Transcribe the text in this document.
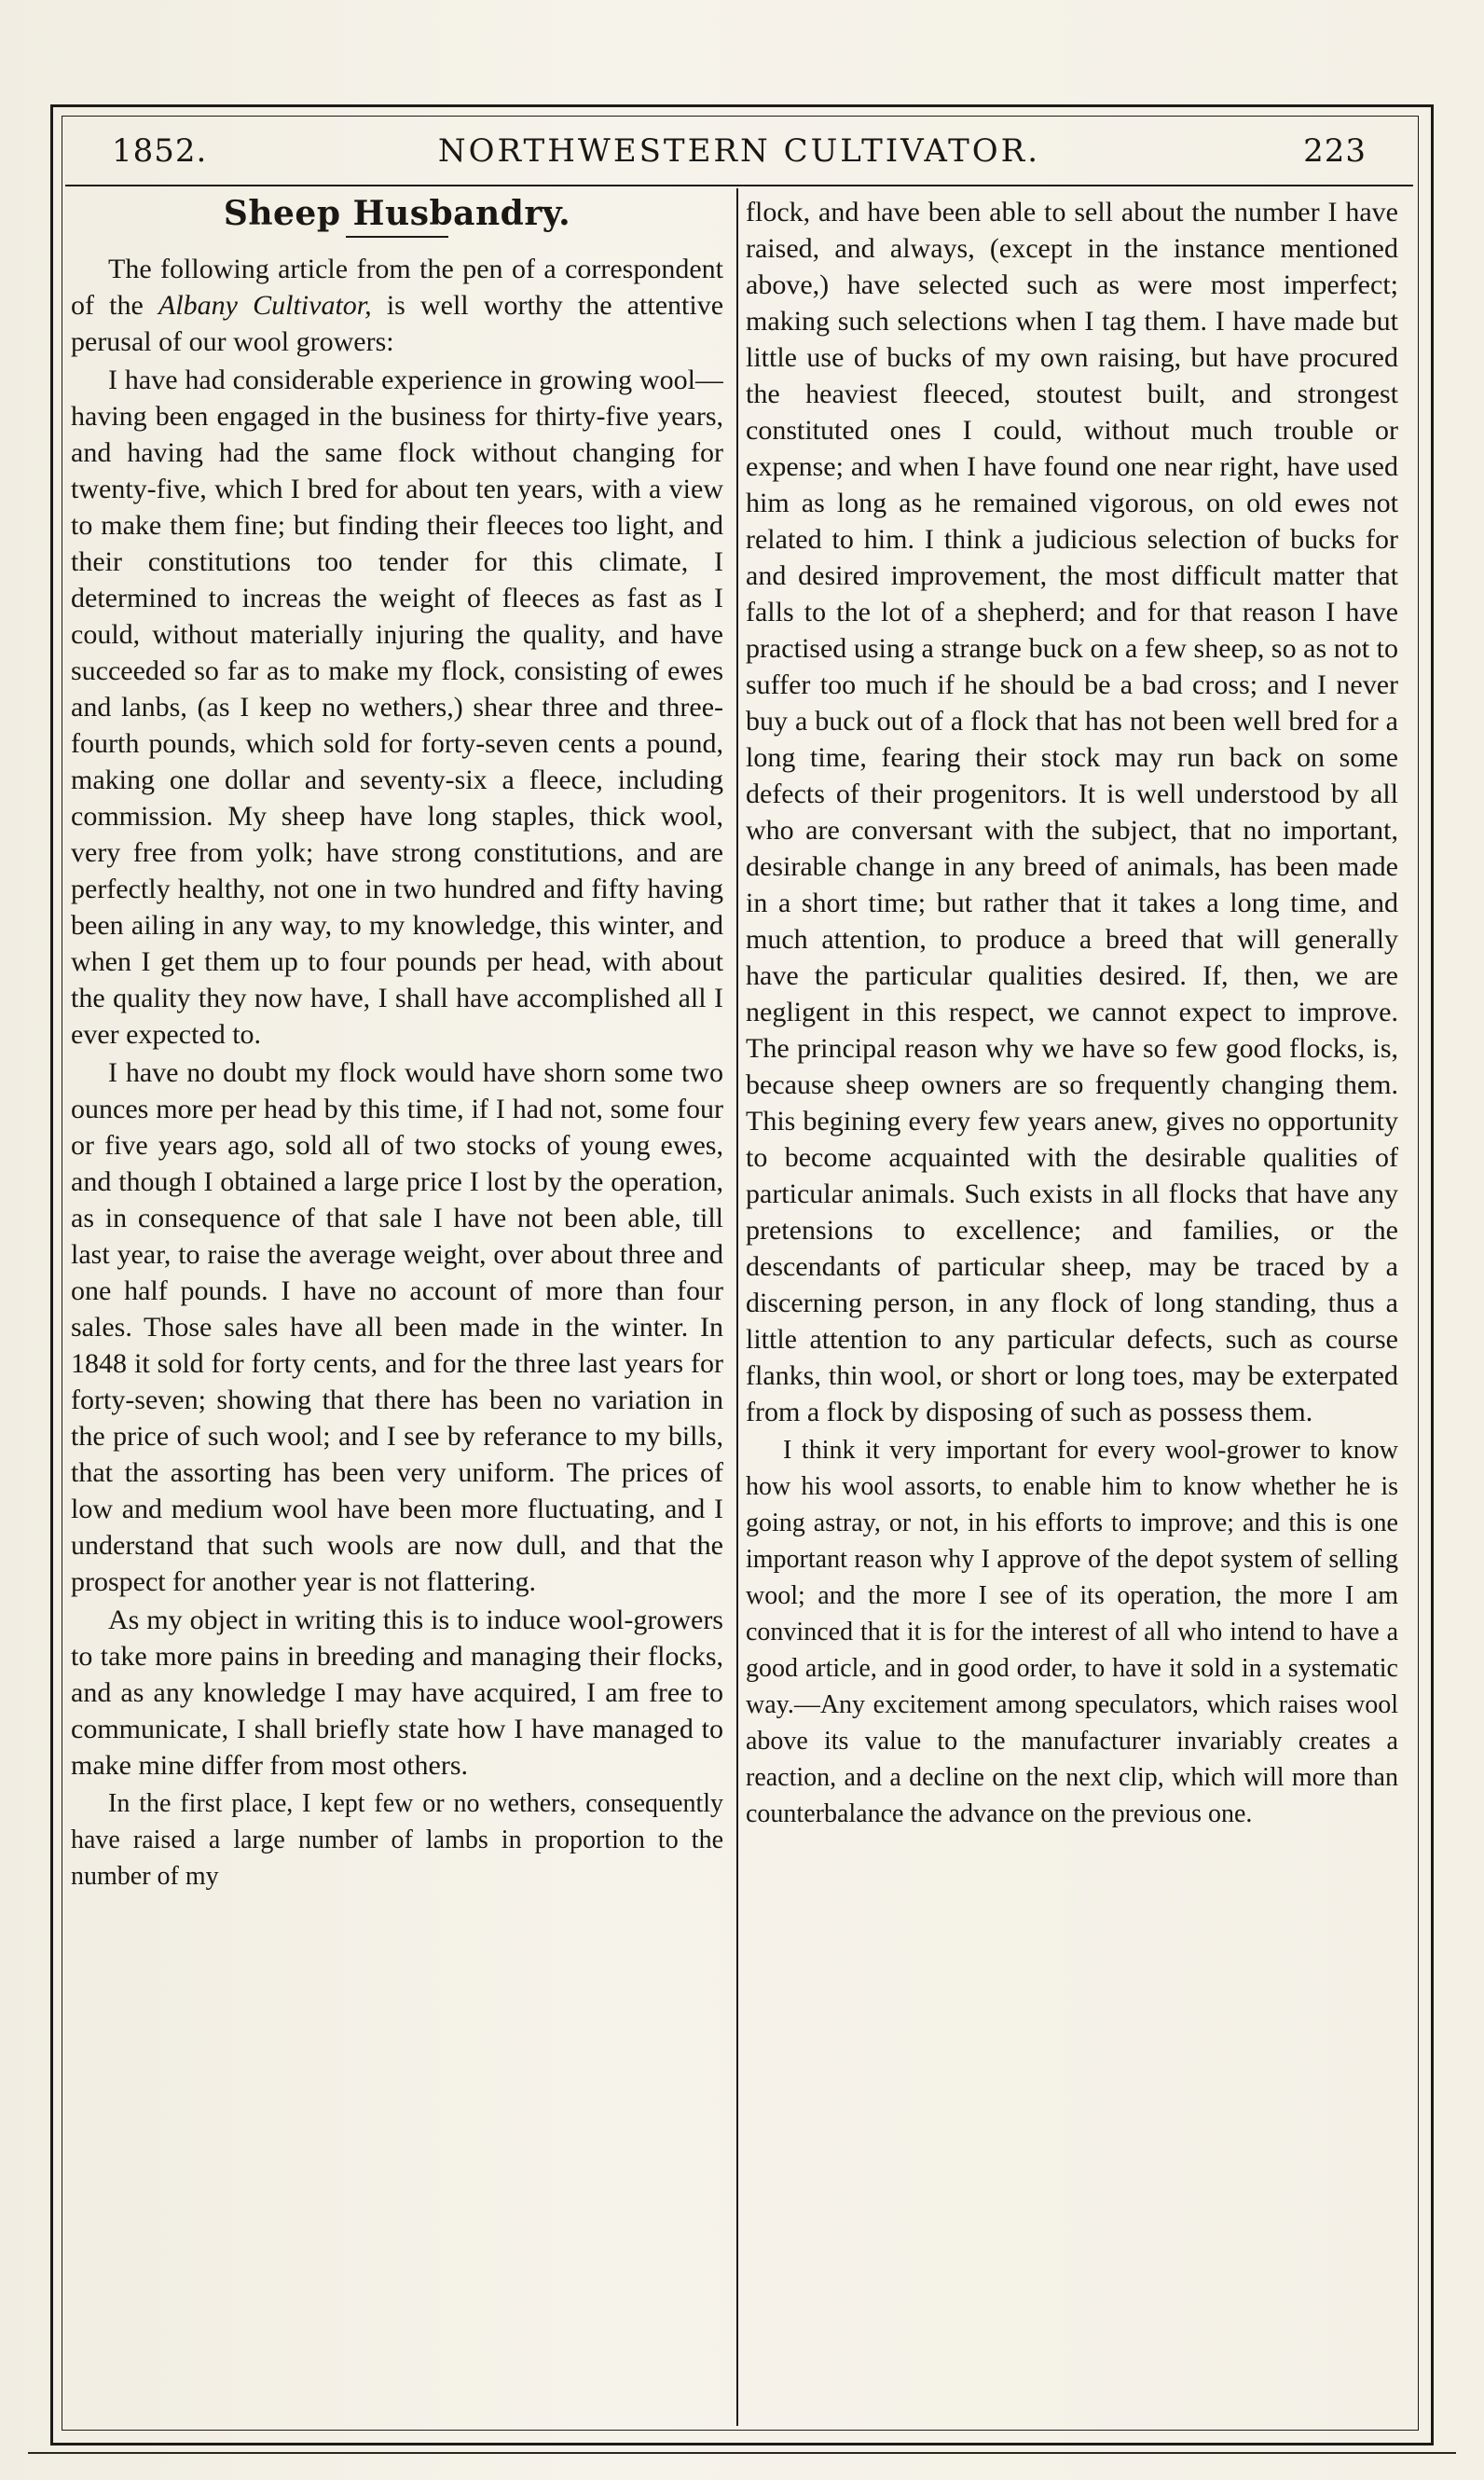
1852.	NORTHWESTERN CULTIVATOR.	223
Sheep Husbandry.

The following article from the pen of a correspondent of the Albany Cultivator, is well worthy the attentive perusal of our wool growers:

I have had considerable experience in growing wool—having been engaged in the business for thirty-five years, and having had the same flock without changing for twenty-five, which I bred for about ten years, with a view to make them fine; but finding their fleeces too light, and their constitutions too tender for this climate, I determined to increas the weight of fleeces as fast as I could, without materially injuring the quality, and have succeeded so far as to make my flock, consisting of ewes and lanbs, (as I keep no wethers,) shear three and three-fourth pounds, which sold for forty-seven cents a pound, making one dollar and seventy-six a fleece, including commission. My sheep have long staples, thick wool, very free from yolk; have strong constitutions, and are perfectly healthy, not one in two hundred and fifty having been ailing in any way, to my knowledge, this winter, and when I get them up to four pounds per head, with about the quality they now have, I shall have accomplished all I ever expected to.

I have no doubt my flock would have shorn some two ounces more per head by this time, if I had not, some four or five years ago, sold all of two stocks of young ewes, and though I obtained a large price I lost by the operation, as in consequence of that sale I have not been able, till last year, to raise the average weight, over about three and one half pounds. I have no account of more than four sales. Those sales have all been made in the winter. In 1848 it sold for forty cents, and for the three last years for forty-seven; showing that there has been no variation in the price of such wool; and I see by referance to my bills, that the assorting has been very uniform. The prices of low and medium wool have been more fluctuating, and I understand that such wools are now dull, and that the prospect for another year is not flattering.

As my object in writing this is to induce wool-growers to take more pains in breeding and managing their flocks, and as any knowledge I may have acquired, I am free to communicate, I shall briefly state how I have managed to make mine differ from most others.

In the first place, I kept few or no wethers, consequently have raised a large number of lambs in proportion to the number of my

flock, and have been able to sell about the number I have raised, and always, (except in the instance mentioned above,) have selected such as were most imperfect; making such selections when I tag them. I have made but little use of bucks of my own raising, but have procured the heaviest fleeced, stoutest built, and strongest constituted ones I could, without much trouble or expense; and when I have found one near right, have used him as long as he remained vigorous, on old ewes not related to him. I think a judicious selection of bucks for and desired improvement, the most difficult matter that falls to the lot of a shepherd; and for that reason I have practised using a strange buck on a few sheep, so as not to suffer too much if he should be a bad cross; and I never buy a buck out of a flock that has not been well bred for a long time, fearing their stock may run back on some defects of their progenitors. It is well understood by all who are conversant with the subject, that no important, desirable change in any breed of animals, has been made in a short time; but rather that it takes a long time, and much attention, to produce a breed that will generally have the particular qualities desired. If, then, we are negligent in this respect, we cannot expect to improve. The principal reason why we have so few good flocks, is, because sheep owners are so frequently changing them. This begining every few years anew, gives no opportunity to become acquainted with the desirable qualities of particular animals. Such exists in all flocks that have any pretensions to excellence; and families, or the descendants of particular sheep, may be traced by a discerning person, in any flock of long standing, thus a little attention to any particular defects, such as course flanks, thin wool, or short or long toes, may be exterpated from a flock by disposing of such as possess them.

I think it very important for every wool-grower to know how his wool assorts, to enable him to know whether he is going astray, or not, in his efforts to improve; and this is one important reason why I approve of the depot system of selling wool; and the more I see of its operation, the more I am convinced that it is for the interest of all who intend to have a good article, and in good order, to have it sold in a systematic way.—Any excitement among speculators, which raises wool above its value to the manufacturer invariably creates a reaction, and a decline on the next clip, which will more than counterbalance the advance on the previous one.
